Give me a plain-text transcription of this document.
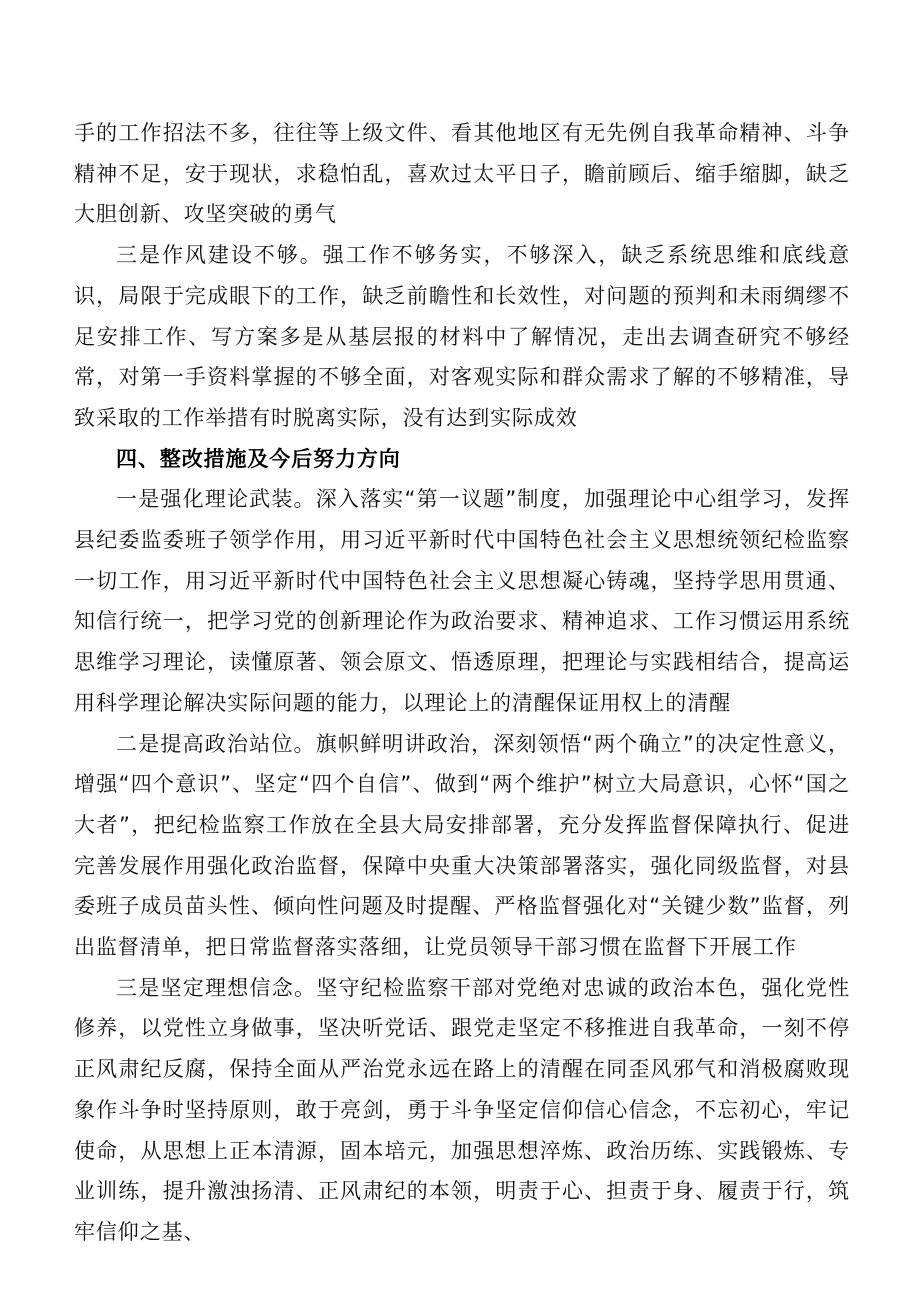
手的工作招法不多，往往等上级文件、看其他地区有无先例自我革命精神、斗争精神不足，安于现状，求稳怕乱，喜欢过太平日子，瞻前顾后、缩手缩脚，缺乏大胆创新、攻坚突破的勇气

三是作风建设不够。强工作不够务实，不够深入，缺乏系统思维和底线意识，局限于完成眼下的工作，缺乏前瞻性和长效性，对问题的预判和未雨绸缪不足安排工作、写方案多是从基层报的材料中了解情况，走出去调查研究不够经常，对第一手资料掌握的不够全面，对客观实际和群众需求了解的不够精准，导致采取的工作举措有时脱离实际，没有达到实际成效

四、整改措施及今后努力方向

一是强化理论武装。深入落实“第一议题”制度，加强理论中心组学习，发挥县纪委监委班子领学作用，用习近平新时代中国特色社会主义思想统领纪检监察一切工作，用习近平新时代中国特色社会主义思想凝心铸魂，坚持学思用贯通、知信行统一，把学习党的创新理论作为政治要求、精神追求、工作习惯运用系统思维学习理论，读懂原著、领会原文、悟透原理，把理论与实践相结合，提高运用科学理论解决实际问题的能力，以理论上的清醒保证用权上的清醒

二是提高政治站位。旗帜鲜明讲政治，深刻领悟“两个确立”的决定性意义，增强“四个意识”、坚定“四个自信”、做到“两个维护”树立大局意识，心怀“国之大者”，把纪检监察工作放在全县大局安排部署，充分发挥监督保障执行、促进完善发展作用强化政治监督，保障中央重大决策部署落实，强化同级监督，对县委班子成员苗头性、倾向性问题及时提醒、严格监督强化对“关键少数”监督，列出监督清单，把日常监督落实落细，让党员领导干部习惯在监督下开展工作

三是坚定理想信念。坚守纪检监察干部对党绝对忠诚的政治本色，强化党性修养，以党性立身做事，坚决听党话、跟党走坚定不移推进自我革命，一刻不停正风肃纪反腐，保持全面从严治党永远在路上的清醒在同歪风邪气和消极腐败现象作斗争时坚持原则，敢于亮剑，勇于斗争坚定信仰信心信念，不忘初心，牢记使命，从思想上正本清源，固本培元，加强思想淬炼、政治历练、实践锻炼、专业训练，提升激浊扬清、正风肃纪的本领，明责于心、担责于身、履责于行，筑牢信仰之基、
